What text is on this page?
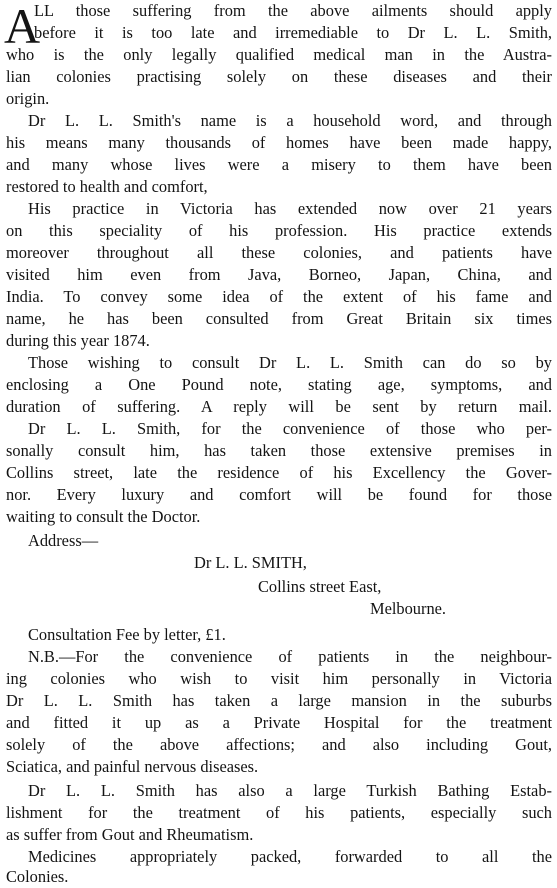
A
LL those suffering from the above ailments should apply
before it is too late and irremediable to Dr L. L. Smith,
who is the only legally qualified medical man in the Austra-
lian colonies practising solely on these diseases and their
origin.
Dr L. L. Smith's name is a household word, and through
his means many thousands of homes have been made happy,
and many whose lives were a misery to them have been
restored to health and comfort,
His practice in Victoria has extended now over 21 years
on this speciality of his profession. His practice extends
moreover throughout all these colonies, and patients have
visited him even from Java, Borneo, Japan, China, and
India. To convey some idea of the extent of his fame and
name, he has been consulted from Great Britain six times
during this year 1874.
Those wishing to consult Dr L. L. Smith can do so by
enclosing a One Pound note, stating age, symptoms, and
duration of suffering. A reply will be sent by return mail.
Dr L. L. Smith, for the convenience of those who per-
sonally consult him, has taken those extensive premises in
Collins street, late the residence of his Excellency the Gover-
nor. Every luxury and comfort will be found for those
waiting to consult the Doctor.
Address—
Dr L. L. SMITH,
Collins street East,
Melbourne.
Consultation Fee by letter, £1.
N.B.—For the convenience of patients in the neighbour-
ing colonies who wish to visit him personally in Victoria
Dr L. L. Smith has taken a large mansion in the suburbs
and fitted it up as a Private Hospital for the treatment
solely of the above affections; and also including Gout,
Sciatica, and painful nervous diseases.
Dr L. L. Smith has also a large Turkish Bathing Estab-
lishment for the treatment of his patients, especially such
as suffer from Gout and Rheumatism.
Medicines appropriately packed, forwarded to all the
Colonies.
